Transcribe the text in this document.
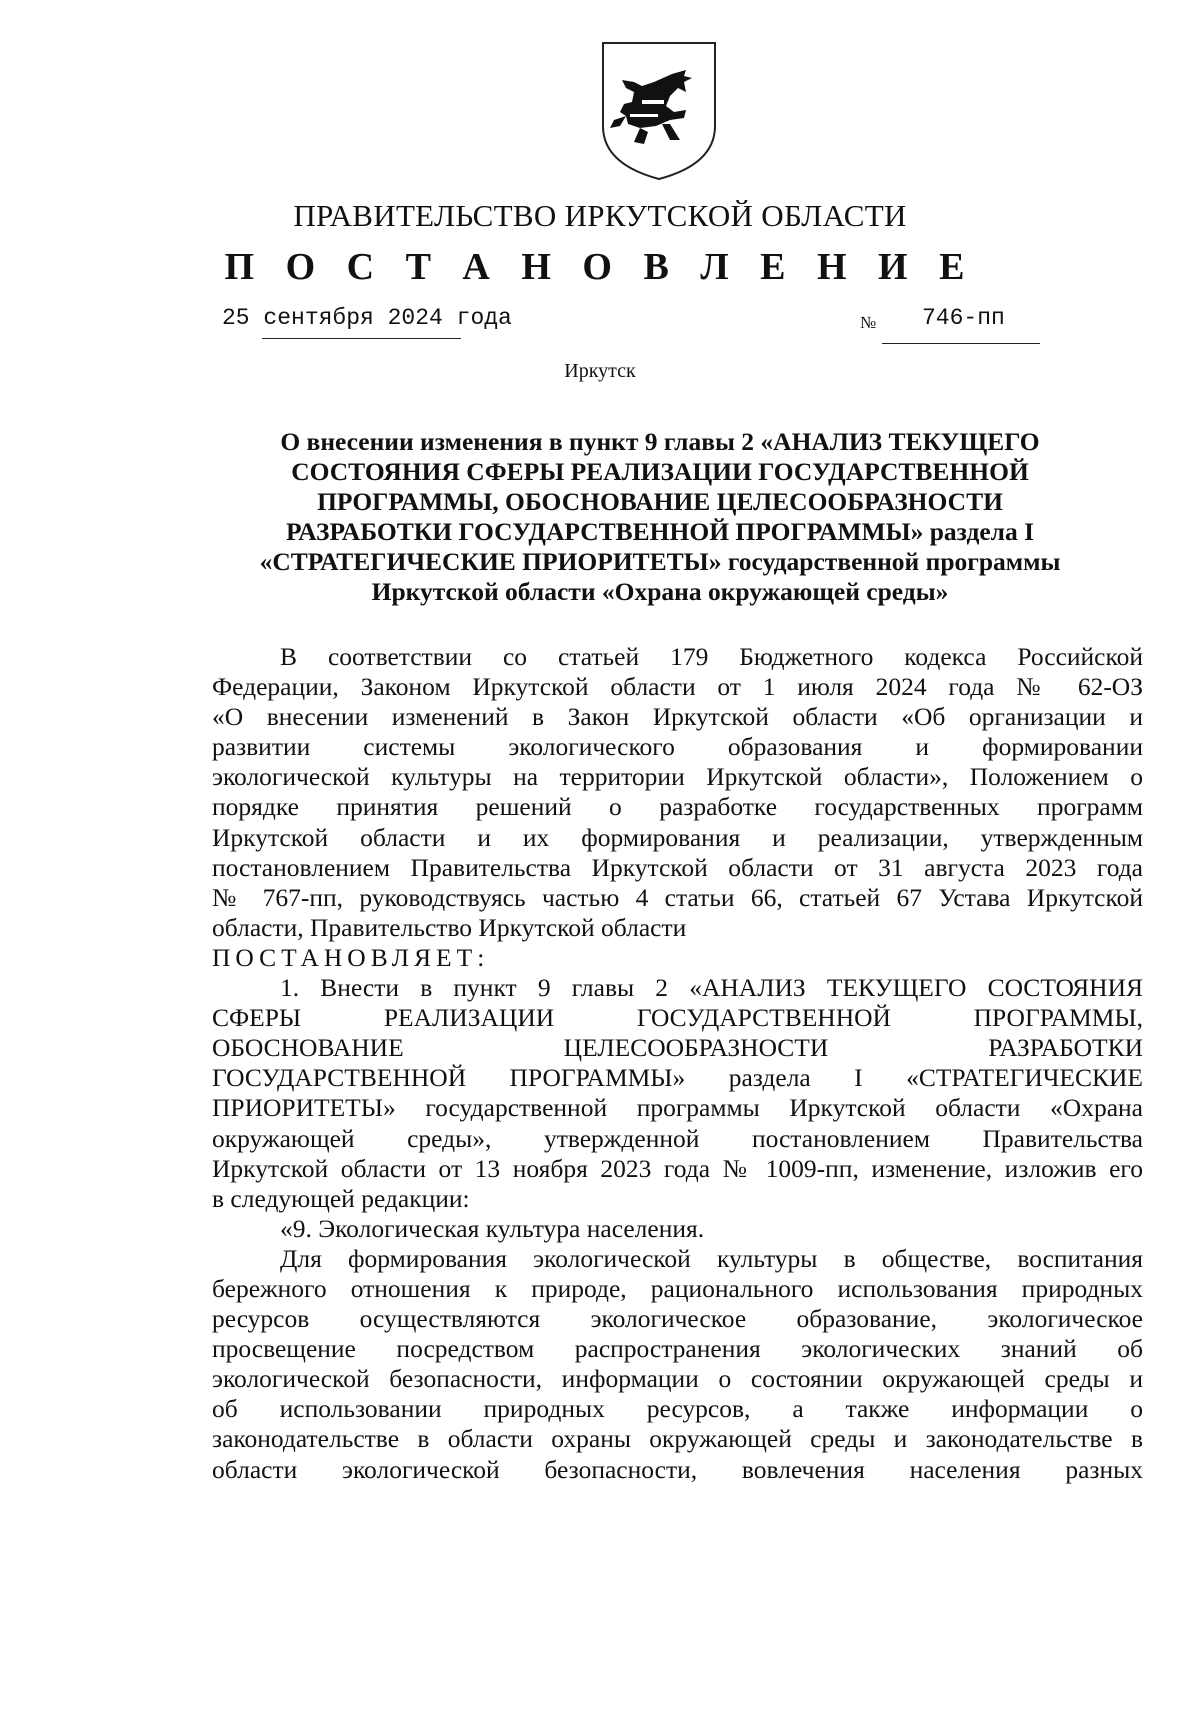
ПРАВИТЕЛЬСТВО ИРКУТСКОЙ ОБЛАСТИ
П О С Т А Н О В Л Е Н И Е
25 сентября 2024 года	№ 746-пп
Иркутск
О внесении изменения в пункт 9 главы 2 «АНАЛИЗ ТЕКУЩЕГО
СОСТОЯНИЯ СФЕРЫ РЕАЛИЗАЦИИ ГОСУДАРСТВЕННОЙ
ПРОГРАММЫ, ОБОСНОВАНИЕ ЦЕЛЕСООБРАЗНОСТИ
РАЗРАБОТКИ ГОСУДАРСТВЕННОЙ ПРОГРАММЫ» раздела I
«СТРАТЕГИЧЕСКИЕ ПРИОРИТЕТЫ» государственной программы
Иркутской области «Охрана окружающей среды»
В соответствии со статьей 179 Бюджетного кодекса Российской
Федерации, Законом Иркутской области от 1 июля 2024 года № 62-ОЗ
«О внесении изменений в Закон Иркутской области «Об организации и
развитии системы экологического образования и формировании
экологической культуры на территории Иркутской области», Положением о
порядке принятия решений о разработке государственных программ
Иркутской области и их формирования и реализации, утвержденным
постановлением Правительства Иркутской области от 31 августа 2023 года
№ 767-пп, руководствуясь частью 4 статьи 66, статьей 67 Устава Иркутской
области, Правительство Иркутской области
ПОСТАНОВЛЯЕТ:
1. Внести в пункт 9 главы 2 «АНАЛИЗ ТЕКУЩЕГО СОСТОЯНИЯ
СФЕРЫ РЕАЛИЗАЦИИ ГОСУДАРСТВЕННОЙ ПРОГРАММЫ,
ОБОСНОВАНИЕ ЦЕЛЕСООБРАЗНОСТИ РАЗРАБОТКИ
ГОСУДАРСТВЕННОЙ ПРОГРАММЫ» раздела I «СТРАТЕГИЧЕСКИЕ
ПРИОРИТЕТЫ» государственной программы Иркутской области «Охрана
окружающей среды», утвержденной постановлением Правительства
Иркутской области от 13 ноября 2023 года № 1009-пп, изменение, изложив его
в следующей редакции:
«9. Экологическая культура населения.
Для формирования экологической культуры в обществе, воспитания
бережного отношения к природе, рационального использования природных
ресурсов осуществляются экологическое образование, экологическое
просвещение посредством распространения экологических знаний об
экологической безопасности, информации о состоянии окружающей среды и
об использовании природных ресурсов, а также информации о
законодательстве в области охраны окружающей среды и законодательстве в
области экологической безопасности, вовлечения населения разных
